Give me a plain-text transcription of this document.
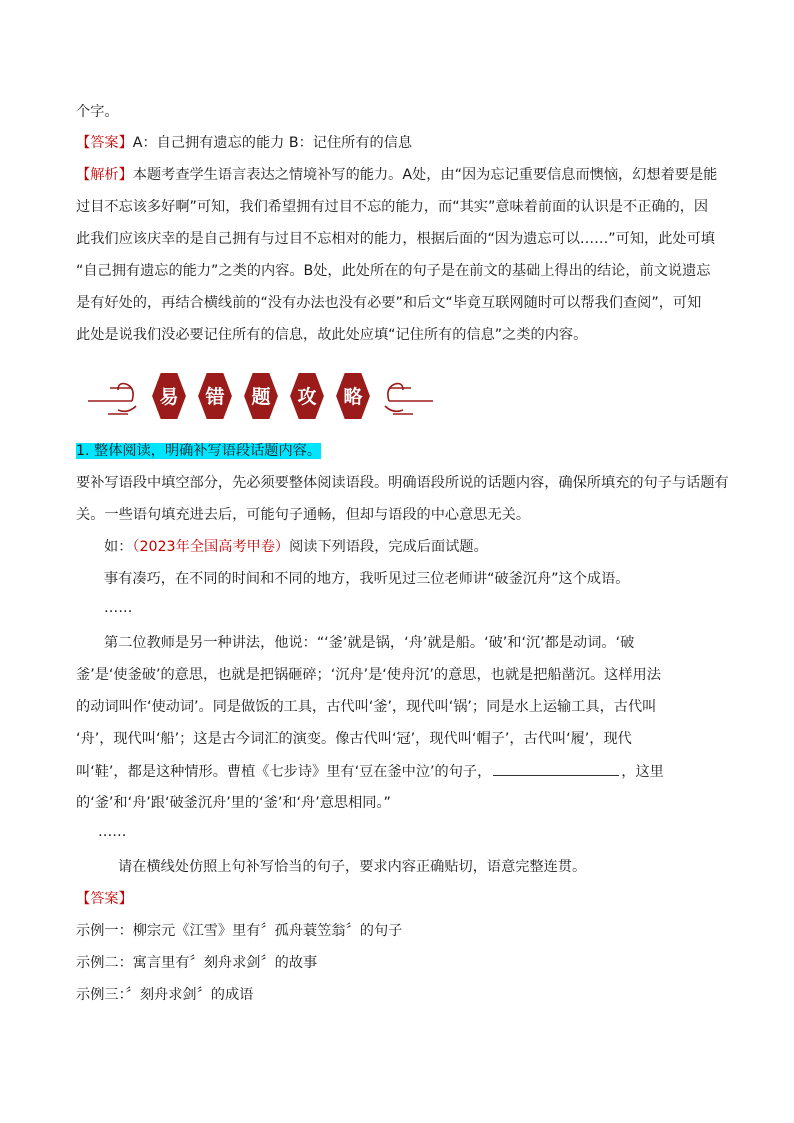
个字。
【答案】A：自己拥有遗忘的能力 B：记住所有的信息
【解析】本题考查学生语言表达之情境补写的能力。A处，由“因为忘记重要信息而懊恼，幻想着要是能
过目不忘该多好啊”可知，我们希望拥有过目不忘的能力，而“其实”意味着前面的认识是不正确的，因
此我们应该庆幸的是自己拥有与过目不忘相对的能力，根据后面的“因为遗忘可以……”可知，此处可填
“自己拥有遗忘的能力”之类的内容。B处，此处所在的句子是在前文的基础上得出的结论，前文说遗忘
是有好处的，再结合横线前的“没有办法也没有必要”和后文“毕竟互联网随时可以帮我们查阅”，可知
此处是说我们没必要记住所有的信息，故此处应填“记住所有的信息”之类的内容。
易 错 题 攻 略
1. 整体阅读，明确补写语段话题内容。
要补写语段中填空部分，先必须要整体阅读语段。明确语段所说的话题内容，确保所填充的句子与话题有
关。一些语句填充进去后，可能句子通畅，但却与语段的中心意思无关。
如：（2023年全国高考甲卷）阅读下列语段，完成后面试题。
事有凑巧，在不同的时间和不同的地方，我听见过三位老师讲“破釜沉舟”这个成语。
……
第二位教师是另一种讲法，他说：“‘釜’就是锅，‘舟’就是船。‘破’和‘沉’都是动词。‘破
釜’是‘使釜破’的意思，也就是把锅砸碎；‘沉舟’是‘使舟沉’的意思，也就是把船凿沉。这样用法
的动词叫作‘使动词’。同是做饭的工具，古代叫‘釜’，现代叫‘锅’；同是水上运输工具，古代叫
‘舟’，现代叫‘船’；这是古今词汇的演变。像古代叫‘冠’，现代叫‘帽子’，古代叫‘履’，现代
叫‘鞋’，都是这种情形。曹植《七步诗》里有‘豆在釜中泣’的句子，	，这里
的‘釜’和‘舟’跟‘破釜沉舟’里的‘釜’和‘舟’意思相同。”
……
请在横线处仿照上句补写恰当的句子，要求内容正确贴切，语意完整连贯。
【答案】
示例一：柳宗元《江雪》里有〞孤舟蓑笠翁〞的句子
示例二：寓言里有〞刻舟求剑〞的故事
示例三：〞刻舟求剑〞的成语
